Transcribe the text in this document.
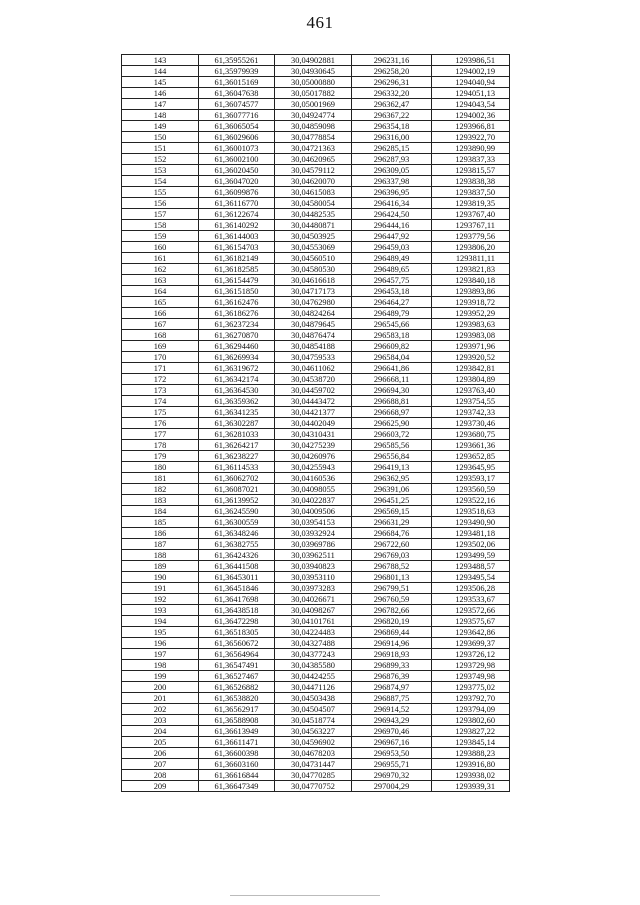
461
143	61,35955261	30,04902881	296231,16	1293986,51
144	61,35979939	30,04930645	296258,20	1294002,19
145	61,36015169	30,05000880	296296,31	1294040,94
146	61,36047638	30,05017882	296332,20	1294051,13
147	61,36074577	30,05001969	296362,47	1294043,54
148	61,36077716	30,04924774	296367,22	1294002,36
149	61,36065054	30,04859098	296354,18	1293966,81
150	61,36029606	30,04778854	296316,00	1293922,70
151	61,36001073	30,04721363	296285,15	1293890,99
152	61,36002100	30,04620965	296287,93	1293837,33
153	61,36020450	30,04579112	296309,05	1293815,57
154	61,36047020	30,04620070	296337,98	1293838,38
155	61,36099876	30,04615083	296396,95	1293837,50
156	61,36116770	30,04580054	296416,34	1293819,35
157	61,36122674	30,04482535	296424,50	1293767,40
158	61,36140292	30,04480871	296444,16	1293767,11
159	61,36144003	30,04503925	296447,92	1293779,56
160	61,36154703	30,04553069	296459,03	1293806,20
161	61,36182149	30,04560510	296489,49	1293811,11
162	61,36182585	30,04580530	296489,65	1293821,83
163	61,36154479	30,04616618	296457,75	1293840,18
164	61,36151850	30,04717173	296453,18	1293893,86
165	61,36162476	30,04762980	296464,27	1293918,72
166	61,36186276	30,04824264	296489,79	1293952,29
167	61,36237234	30,04879645	296545,66	1293983,63
168	61,36270870	30,04876474	296583,18	1293983,08
169	61,36294460	30,04854188	296609,82	1293971,96
170	61,36269934	30,04759533	296584,04	1293920,52
171	61,36319672	30,04611062	296641,86	1293842,81
172	61,36342174	30,04538720	296668,11	1293804,89
173	61,36364530	30,04459702	296694,30	1293763,40
174	61,36359362	30,04443472	296688,81	1293754,55
175	61,36341235	30,04421377	296668,97	1293742,33
176	61,36302287	30,04402049	296625,90	1293730,46
177	61,36281033	30,04310431	296603,72	1293680,75
178	61,36264217	30,04275239	296585,56	1293661,36
179	61,36238227	30,04260976	296556,84	1293652,85
180	61,36114533	30,04255943	296419,13	1293645,95
181	61,36062702	30,04160536	296362,95	1293593,17
182	61,36087021	30,04098055	296391,06	1293560,59
183	61,36139952	30,04022837	296451,25	1293522,16
184	61,36245590	30,04009506	296569,15	1293518,63
185	61,36300559	30,03954153	296631,29	1293490,90
186	61,36348246	30,03932924	296684,76	1293481,18
187	61,36382755	30,03969786	296722,60	1293502,06
188	61,36424326	30,03962511	296769,03	1293499,59
189	61,36441508	30,03940823	296788,52	1293488,57
190	61,36453011	30,03953110	296801,13	1293495,54
191	61,36451846	30,03973283	296799,51	1293506,28
192	61,36417698	30,04026671	296760,59	1293533,67
193	61,36438518	30,04098267	296782,66	1293572,66
194	61,36472298	30,04101761	296820,19	1293575,67
195	61,36518305	30,04224483	296869,44	1293642,86
196	61,36560672	30,04327488	296914,96	1293699,37
197	61,36564964	30,04377243	296918,93	1293726,12
198	61,36547491	30,04385580	296899,33	1293729,98
199	61,36527467	30,04424255	296876,39	1293749,98
200	61,36526882	30,04471126	296874,97	1293775,02
201	61,36538820	30,04503438	296887,75	1293792,70
202	61,36562917	30,04504507	296914,52	1293794,09
203	61,36588908	30,04518774	296943,29	1293802,60
204	61,36613949	30,04563227	296970,46	1293827,22
205	61,36611471	30,04596902	296967,16	1293845,14
206	61,36600398	30,04678203	296953,50	1293888,23
207	61,36603160	30,04731447	296955,71	1293916,80
208	61,36616844	30,04770285	296970,32	1293938,02
209	61,36647349	30,04770752	297004,29	1293939,31
